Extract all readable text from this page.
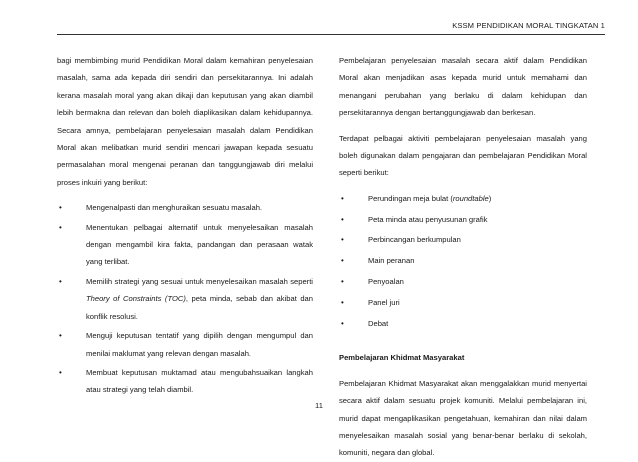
KSSM PENDIDIKAN MORAL TINGKATAN 1

bagi membimbing murid Pendidikan Moral dalam kemahiran penyelesaian masalah, sama ada kepada diri sendiri dan persekitarannya. Ini adalah kerana masalah moral yang akan dikaji dan keputusan yang akan diambil lebih bermakna dan relevan dan boleh diaplikasikan dalam kehidupannya. Secara amnya, pembelajaran penyelesaian masalah dalam Pendidikan Moral akan melibatkan murid sendiri mencari jawapan kepada sesuatu permasalahan moral mengenai peranan dan tanggungjawab diri melalui proses inkuiri yang berikut:

•	Mengenalpasti dan menghuraikan sesuatu masalah.
•	Menentukan pelbagai alternatif untuk menyelesaikan masalah dengan mengambil kira fakta, pandangan dan perasaan watak yang terlibat.
•	Memilih strategi yang sesuai untuk menyelesaikan masalah seperti Theory of Constraints (TOC), peta minda, sebab dan akibat dan konflik resolusi.
•	Menguji keputusan tentatif yang dipilih dengan mengumpul dan menilai maklumat yang relevan dengan masalah.
•	Membuat keputusan muktamad atau mengubahsuaikan langkah atau strategi yang telah diambil.

Pembelajaran penyelesaian masalah secara aktif dalam Pendidikan Moral akan menjadikan asas kepada murid untuk memahami dan menangani perubahan yang berlaku di dalam kehidupan dan persekitarannya dengan bertanggungjawab dan berkesan.

Terdapat pelbagai aktiviti pembelajaran penyelesaian masalah yang boleh digunakan dalam pengajaran dan pembelajaran Pendidikan Moral seperti berikut:

•	Perundingan meja bulat (roundtable)
•	Peta minda atau penyusunan grafik
•	Perbincangan berkumpulan
•	Main peranan
•	Penyoalan
•	Panel juri
•	Debat

Pembelajaran Khidmat Masyarakat

Pembelajaran Khidmat Masyarakat akan menggalakkan murid menyertai secara aktif dalam sesuatu projek komuniti. Melalui pembelajaran ini, murid dapat mengaplikasikan pengetahuan, kemahiran dan nilai dalam menyelesaikan masalah sosial yang benar-benar berlaku di sekolah, komuniti, negara dan global.

11
